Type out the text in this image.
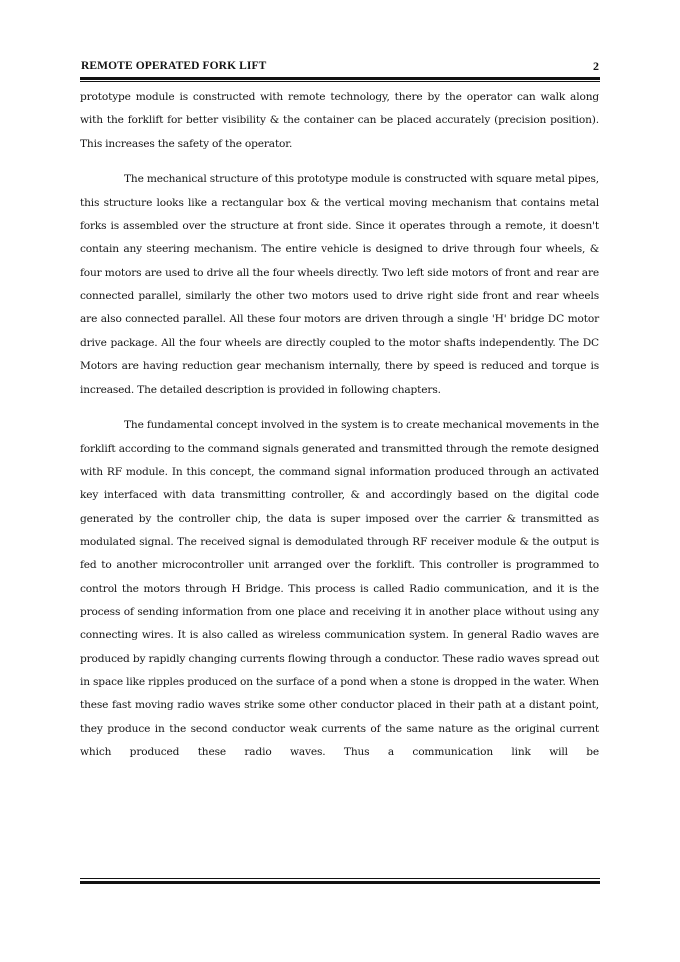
REMOTE OPERATED FORK LIFT	2

prototype module is constructed with remote technology, there by the operator can walk along with the forklift for better visibility & the container can be placed accurately (precision position). This increases the safety of the operator.

The mechanical structure of this prototype module is constructed with square metal pipes, this structure looks like a rectangular box & the vertical moving mechanism that contains metal forks is assembled over the structure at front side. Since it operates through a remote, it doesn't contain any steering mechanism. The entire vehicle is designed to drive through four wheels, & four motors are used to drive all the four wheels directly. Two left side motors of front and rear are connected parallel, similarly the other two motors used to drive right side front and rear wheels are also connected parallel. All these four motors are driven through a single 'H' bridge DC motor drive package. All the four wheels are directly coupled to the motor shafts independently. The DC Motors are having reduction gear mechanism internally, there by speed is reduced and torque is increased. The detailed description is provided in following chapters.

The fundamental concept involved in the system is to create mechanical movements in the forklift according to the command signals generated and transmitted through the remote designed with RF module. In this concept, the command signal information produced through an activated key interfaced with data transmitting controller, & and accordingly based on the digital code generated by the controller chip, the data is super imposed over the carrier & transmitted as modulated signal. The received signal is demodulated through RF receiver module & the output is fed to another microcontroller unit arranged over the forklift. This controller is programmed to control the motors through H Bridge. This process is called Radio communication, and it is the process of sending information from one place and receiving it in another place without using any connecting wires. It is also called as wireless communication system. In general Radio waves are produced by rapidly changing currents flowing through a conductor. These radio waves spread out in space like ripples produced on the surface of a pond when a stone is dropped in the water. When these fast moving radio waves strike some other conductor placed in their path at a distant point, they produce in the second conductor weak currents of the same nature as the original current which produced these radio waves. Thus a communication link will be
